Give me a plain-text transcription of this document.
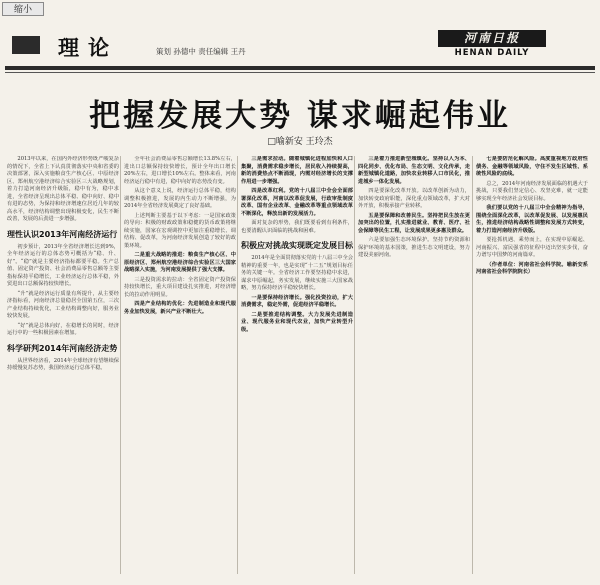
缩小
理论	策划 孙德中 责任编辑 王丹
河南日报
HENAN DAILY
把握发展大势 谋求崛起伟业
□喻新安 王玲杰

2013年以来，在国内外经济形势既严峻复杂的情况下，全省上下认真贯彻落实中央和省委的决策部署，深入实施粮食生产核心区、中原经济区、郑州航空港经济综合实验区三大战略规划，着力打造河南经济升级版，稳中有为，稳中求进，全省经济呈现出总体平稳、稳中向好、稳中有进的态势，为保持和经济增速位居近几年的较高水平，经济结构调整出现积极变化，民生不断改善，发展的后劲进一步增强。

理性认识2013年河南经济运行

初步预计，2013年全省经济增长达到9%，全年经济运行的总体态势可概括为“稳、升、好”。“稳”就是主要经济指标都要平稳。生产总值、固定资产投资、社会消费品零售总额等主要指标保持平稳增长，工业经济运行总体平稳，外贸进出口总额保持较快增长。

“升”就是经济运行质量有所提升，从主要经济指标看，河南经济总量稳居全国第五位，三次产业结构持续优化，工业结构调整向好，服务业较快发展。

“好”就是总体向好，在稳增长的同时，经济运行中的一些积极因素在增加。

科学研判2014年河南经济走势

从世界经济看，2014年全球经济有望继续保持缓慢复苏态势，我国经济运行总体平稳。

全年社会消费品零售总额增长13.8%左右，进出口总额保持较快增长，预计全年出口增长20%左右，进口增长10%左右。整体来看，河南经济运行稳中有进，稳中向好的态势没有变。

从这个意义上说，经济运行总体平稳，结构调整积极推进，发展的内生动力不断增强，为2014年全省经济发展奠定了良好基础。

上述判断主要基于以下考虑：一是国家政策的导向：积极的财政政策和稳健的货币政策将继续实施，国家在宏观调控中更加注重稳增长、调结构、促改革，为河南经济发展创造了较好的政策环境。

二是重大战略的推进：粮食生产核心区、中原经济区、郑州航空港经济综合实验区三大国家战略深入实施，为河南发展提供了强大支撑。

三是投资需求的拉动：全省固定资产投资保持较快增长，重大项目建设扎实推进，对经济增长的拉动作用明显。

四是产业结构的优化：先进制造业和现代服务业加快发展，新兴产业不断壮大。

三是需求拉动。随着城镇化进程加快和人口集聚，消费需求稳步增长，居民收入持续提高，新的消费热点不断涌现，内需对经济增长的支撑作用进一步增强。

四是改革红利。党的十八届三中全会全面部署深化改革，河南以改革促发展，行政审批制度改革、国有企业改革、金融改革等重点领域改革不断深化，释放出新的发展活力。

面对复杂的形势，我们既要看到有利条件，也要清醒认识面临的挑战和困难。

积极应对挑战实现既定发展目标

2014年是全面贯彻落实党的十八届三中全会精神的重要一年，也是实现“十二五”规划目标任务的关键一年。全省经济工作要坚持稳中求进，谋求中原崛起，务实发展，继续实施三大国家战略，努力保持经济平稳较快增长。

一是要保持经济增长。强化投资拉动，扩大消费需求，稳定外需，促进经济平稳增长。

二是要推进结构调整。大力发展先进制造业、现代服务业和现代农业，加快产业转型升级。

三是着力推进新型城镇化。坚持以人为本、四化同步、优化布局、生态文明、文化传承，走新型城镇化道路，加快农业转移人口市民化，推进城乡一体化发展。

四是要深化改革开放。以改革创新为动力，加快转变政府职能，深化重点领域改革，扩大对外开放，积极承接产业转移。

五是要保障和改善民生。坚持把民生放在更加突出的位置，扎实推进就业、教育、医疗、社会保障等民生工程，让发展成果更多惠及群众。

六是要加强生态环境保护。坚持节约资源和保护环境的基本国策，推进生态文明建设，努力建设美丽河南。

七是要防范化解风险。高度重视地方政府性债务、金融等领域风险，守住不发生区域性、系统性风险的底线。

总之，2014年河南经济发展面临的机遇大于挑战，只要我们坚定信心、攻坚克难，就一定能够实现全年经济社会发展目标。

我们要以党的十八届三中全会精神为指导，围绕全面深化改革，以改革促发展、以发展惠民生，推进经济结构战略性调整和发展方式转变，着力打造河南经济升级版。

要抢抓机遇、乘势而上，在实现中原崛起、河南振兴、富民强省的征程中迈出坚实步伐，奋力谱写中国梦的河南篇章。

（作者单位：河南省社会科学院。喻新安系河南省社会科学院院长）
